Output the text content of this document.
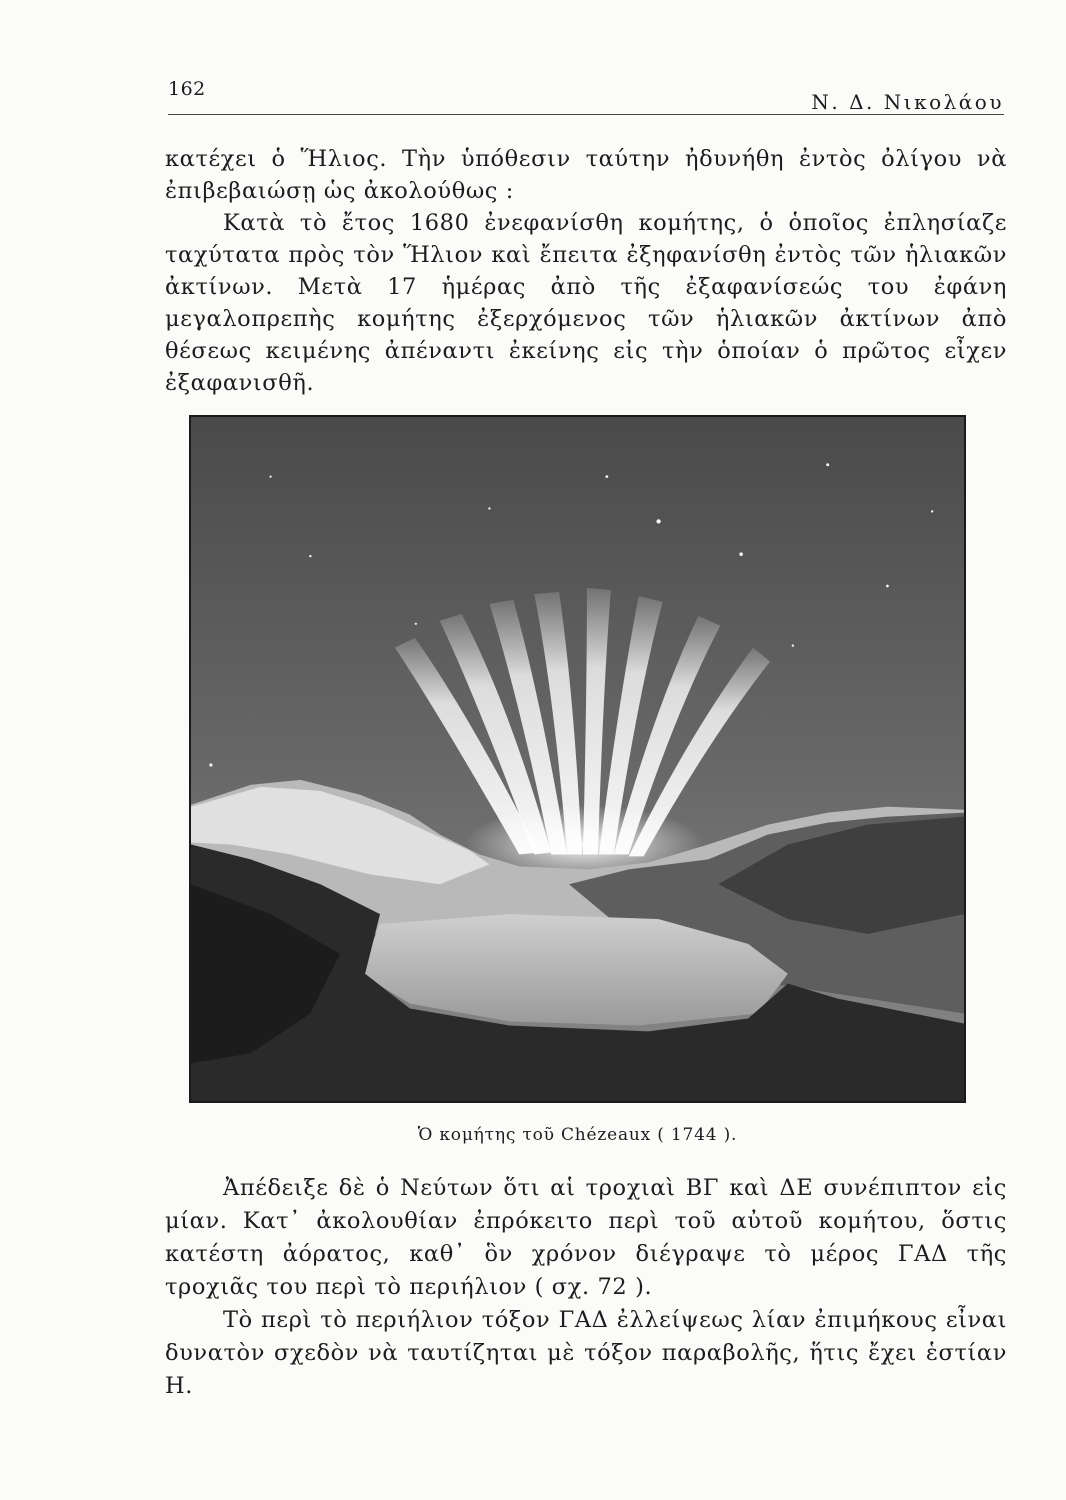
162
Ν. Δ. Νικολάου

κατέχει ὁ Ἥλιος. Τὴν ὑπόθεσιν ταύτην ἠδυνήθη ἐντὸς ὀλίγου νὰ ἐπιβεβαιώσῃ ὡς ἀκολούθως :

Κατὰ τὸ ἔτος 1680 ἐνεφανίσθη κομήτης, ὁ ὁποῖος ἐπλησίαζε ταχύτατα πρὸς τὸν Ἥλιον καὶ ἔπειτα ἐξηφανίσθη ἐντὸς τῶν ἡλιακῶν ἀκτίνων. Μετὰ 17 ἡμέρας ἀπὸ τῆς ἐξαφανίσεώς του ἐφάνη μεγαλοπρεπὴς κομήτης ἐξερχόμενος τῶν ἡλιακῶν ἀκτίνων ἀπὸ θέσεως κειμένης ἀπέναντι ἐκείνης εἰς τὴν ὁποίαν ὁ πρῶτος εἶχεν ἐξαφανισθῆ.

Ὁ κομήτης τοῦ Chézeaux ( 1744 ).

Ἀπέδειξε δὲ ὁ Νεύτων ὅτι αἱ τροχιαὶ ΒΓ καὶ ΔΕ συνέπιπτον εἰς μίαν. Κατ᾽ ἀκολουθίαν ἐπρόκειτο περὶ τοῦ αὐτοῦ κομήτου, ὅστις κατέστη ἀόρατος, καθ᾽ ὃν χρόνον διέγραψε τὸ μέρος ΓΑΔ τῆς τροχιᾶς του περὶ τὸ περιήλιον ( σχ. 72 ).

Τὸ περὶ τὸ περιήλιον τόξον ΓΑΔ ἐλλείψεως λίαν ἐπιμήκους εἶναι δυνατὸν σχεδὸν νὰ ταυτίζηται μὲ τόξον παραβολῆς, ἥτις ἔχει ἑστίαν Η.
